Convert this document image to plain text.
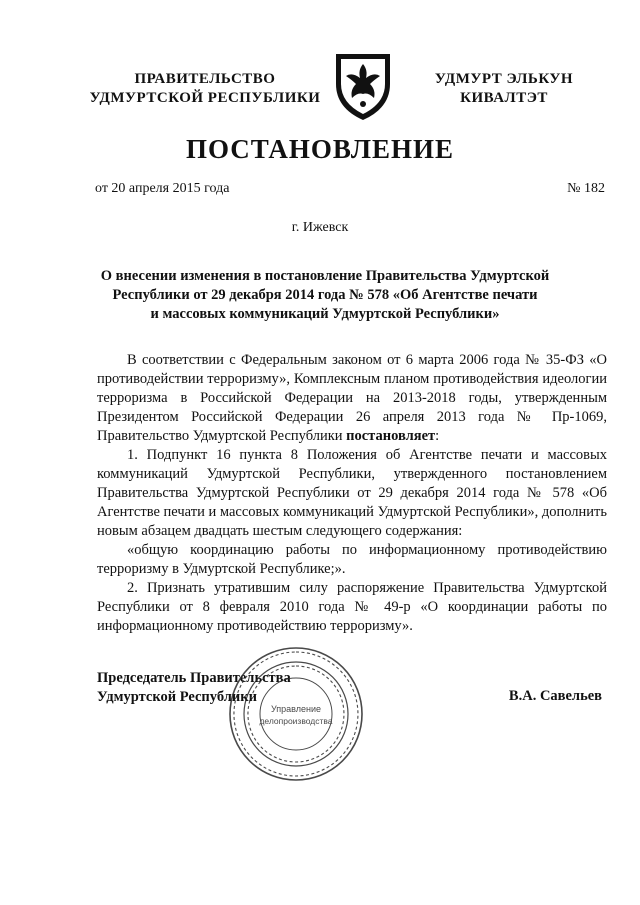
ПРАВИТЕЛЬСТВО
УДМУРТСКОЙ РЕСПУБЛИКИ
УДМУРТ ЭЛЬКУН
КИВАЛТЭТ
ПОСТАНОВЛЕНИЕ
от 20 апреля 2015 года	№ 182
г. Ижевск
О внесении изменения в постановление Правительства Удмуртской
Республики от 29 декабря 2014 года № 578 «Об Агентстве печати
и массовых коммуникаций Удмуртской Республики»

В соответствии с Федеральным законом от 6 марта 2006 года № 35-ФЗ «О противодействии терроризму», Комплексным планом противодействия идеологии терроризма в Российской Федерации на 2013-2018 годы, утвержденным Президентом Российской Федерации 26 апреля 2013 года № Пр-1069, Правительство Удмуртской Республики постановляет:

1. Подпункт 16 пункта 8 Положения об Агентстве печати и массовых коммуникаций Удмуртской Республики, утвержденного постановлением Правительства Удмуртской Республики от 29 декабря 2014 года № 578 «Об Агентстве печати и массовых коммуникаций Удмуртской Республики», дополнить новым абзацем двадцать шестым следующего содержания:

«общую координацию работы по информационному противодействию терроризму в Удмуртской Республике;».

2. Признать утратившим силу распоряжение Правительства Удмуртской Республики от 8 февраля 2010 года № 49-р «О координации работы по информационному противодействию терроризму».

Председатель Правительства
Удмуртской Республики	В.А. Савельев
Управление
делопроизводства
